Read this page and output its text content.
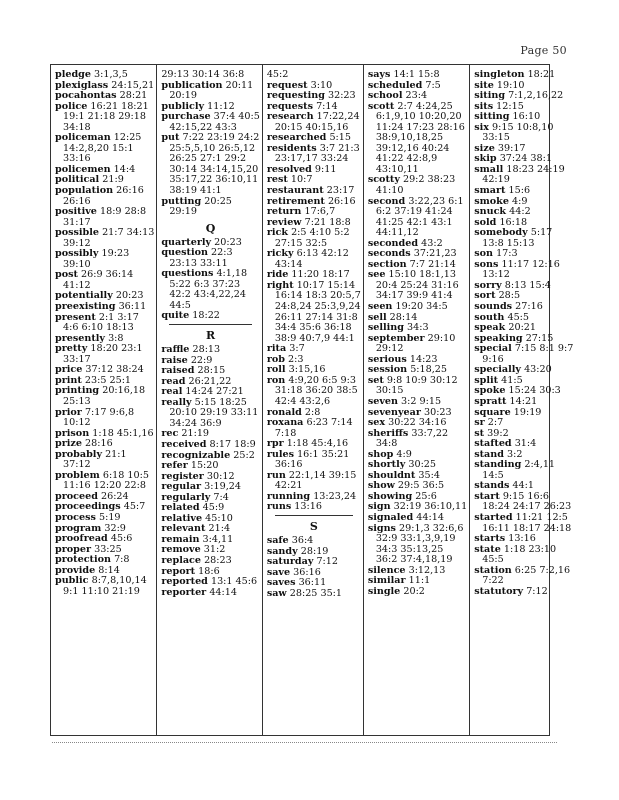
Page 50
pledge 3:1,3,5
plexiglass 24:15,21
pocahontas 28:21
police 16:21 18:21
19:1 21:18 29:18
34:18
policeman 12:25
14:2,8,20 15:1
33:16
policemen 14:4
political 21:9
population 26:16
26:16
positive 18:9 28:8
31:17
possible 21:7 34:13
39:12
possibly 19:23
39:10
post 26:9 36:14
41:12
potentially 20:23
preexisting 36:11
present 2:1 3:17
4:6 6:10 18:13
presently 3:8
pretty 18:20 23:1
33:17
price 37:12 38:24
print 23:5 25:1
printing 20:16,18
25:13
prior 7:17 9:6,8
10:12
prison 1:18 45:1,16
prize 28:16
probably 21:1
37:12
problem 6:18 10:5
11:16 12:20 22:8
proceed 26:24
proceedings 45:7
process 5:19
program 32:9
proofread 45:6
proper 33:25
protection 7:8
provide 8:14
public 8:7,8,10,14
9:1 11:10 21:19
29:13 30:14 36:8
publication 20:11
20:19
publicly 11:12
purchase 37:4 40:5
42:15,22 43:3
put 7:22 23:19 24:2
25:5,5,10 26:5,12
26:25 27:1 29:2
30:14 34:14,15,20
35:17,22 36:10,11
38:19 41:1
putting 20:25
29:19
Q
quarterly 20:23
question 22:3
23:13 33:11
questions 4:1,18
5:22 6:3 37:23
42:2 43:4,22,24
44:5
quite 18:22
R
raffle 28:13
raise 22:9
raised 28:15
read 26:21,22
real 14:24 27:21
really 5:15 18:25
20:10 29:19 33:11
34:24 36:9
rec 21:19
received 8:17 18:9
recognizable 25:2
refer 15:20
register 30:12
regular 3:19,24
regularly 7:4
related 45:9
relative 45:10
relevant 21:4
remain 3:4,11
remove 31:2
replace 28:23
report 18:6
reported 13:1 45:6
reporter 44:14
45:2
request 3:10
requesting 32:23
requests 7:14
research 17:22,24
20:15 40:15,16
researched 5:15
residents 3:7 21:3
23:17,17 33:24
resolved 9:11
rest 10:7
restaurant 23:17
retirement 26:16
return 17:6,7
review 7:21 18:8
rick 2:5 4:10 5:2
27:15 32:5
ricky 6:13 42:12
43:14
ride 11:20 18:17
right 10:17 15:14
16:14 18:3 20:5,7
24:8,24 25:3,9,24
26:11 27:14 31:8
34:4 35:6 36:18
38:9 40:7,9 44:1
rita 3:7
rob 2:3
roll 3:15,16
ron 4:9,20 6:5 9:3
31:18 36:20 38:5
42:4 43:2,6
ronald 2:8
roxana 6:23 7:14
7:18
rpr 1:18 45:4,16
rules 16:1 35:21
36:16
run 22:1,14 39:15
42:21
running 13:23,24
runs 13:16
S
safe 36:4
sandy 28:19
saturday 7:12
save 36:16
saves 36:11
saw 28:25 35:1
says 14:1 15:8
scheduled 7:5
school 23:4
scott 2:7 4:24,25
6:1,9,10 10:20,20
11:24 17:23 28:16
38:9,10,18,25
39:12,16 40:24
41:22 42:8,9
43:10,11
scotty 29:2 38:23
41:10
second 3:22,23 6:1
6:2 37:19 41:24
41:25 42:1 43:1
44:11,12
seconded 43:2
seconds 37:21,23
section 7:7 21:14
see 15:10 18:1,13
20:4 25:24 31:16
34:17 39:9 41:4
seen 19:20 34:5
sell 28:14
selling 34:3
september 29:10
29:12
serious 14:23
session 5:18,25
set 9:8 10:9 30:12
30:15
seven 3:2 9:15
sevenyear 30:23
sex 30:22 34:16
sheriffs 33:7,22
34:8
shop 4:9
shortly 30:25
shouldnt 35:4
show 29:5 36:5
showing 25:6
sign 32:19 36:10,11
signaled 44:14
signs 29:1,3 32:6,6
32:9 33:1,3,9,19
34:3 35:13,25
36:2 37:4,18,19
silence 3:12,13
similar 11:1
single 20:2
singleton 18:21
site 19:10
siting 7:1,2,16,22
sits 12:15
sitting 16:10
six 9:15 10:8,10
33:15
size 39:17
skip 37:24 38:1
small 18:23 24:19
42:19
smart 15:6
smoke 4:9
snuck 44:2
sold 16:18
somebody 5:17
13:8 15:13
son 17:3
sons 11:17 12:16
13:12
sorry 8:13 15:4
sort 28:5
sounds 27:16
south 45:5
speak 20:21
speaking 27:15
special 7:15 8:1 9:7
9:16
specially 43:20
split 41:5
spoke 15:24 30:3
spratt 14:21
square 19:19
sr 2:7
st 39:2
stafted 31:4
stand 3:2
standing 2:4,11
14:5
stands 44:1
start 9:15 16:6
18:24 24:17 26:23
started 11:21 12:5
16:11 18:17 24:18
starts 13:16
state 1:18 23:10
45:5
station 6:25 7:2,16
7:22
statutory 7:12
